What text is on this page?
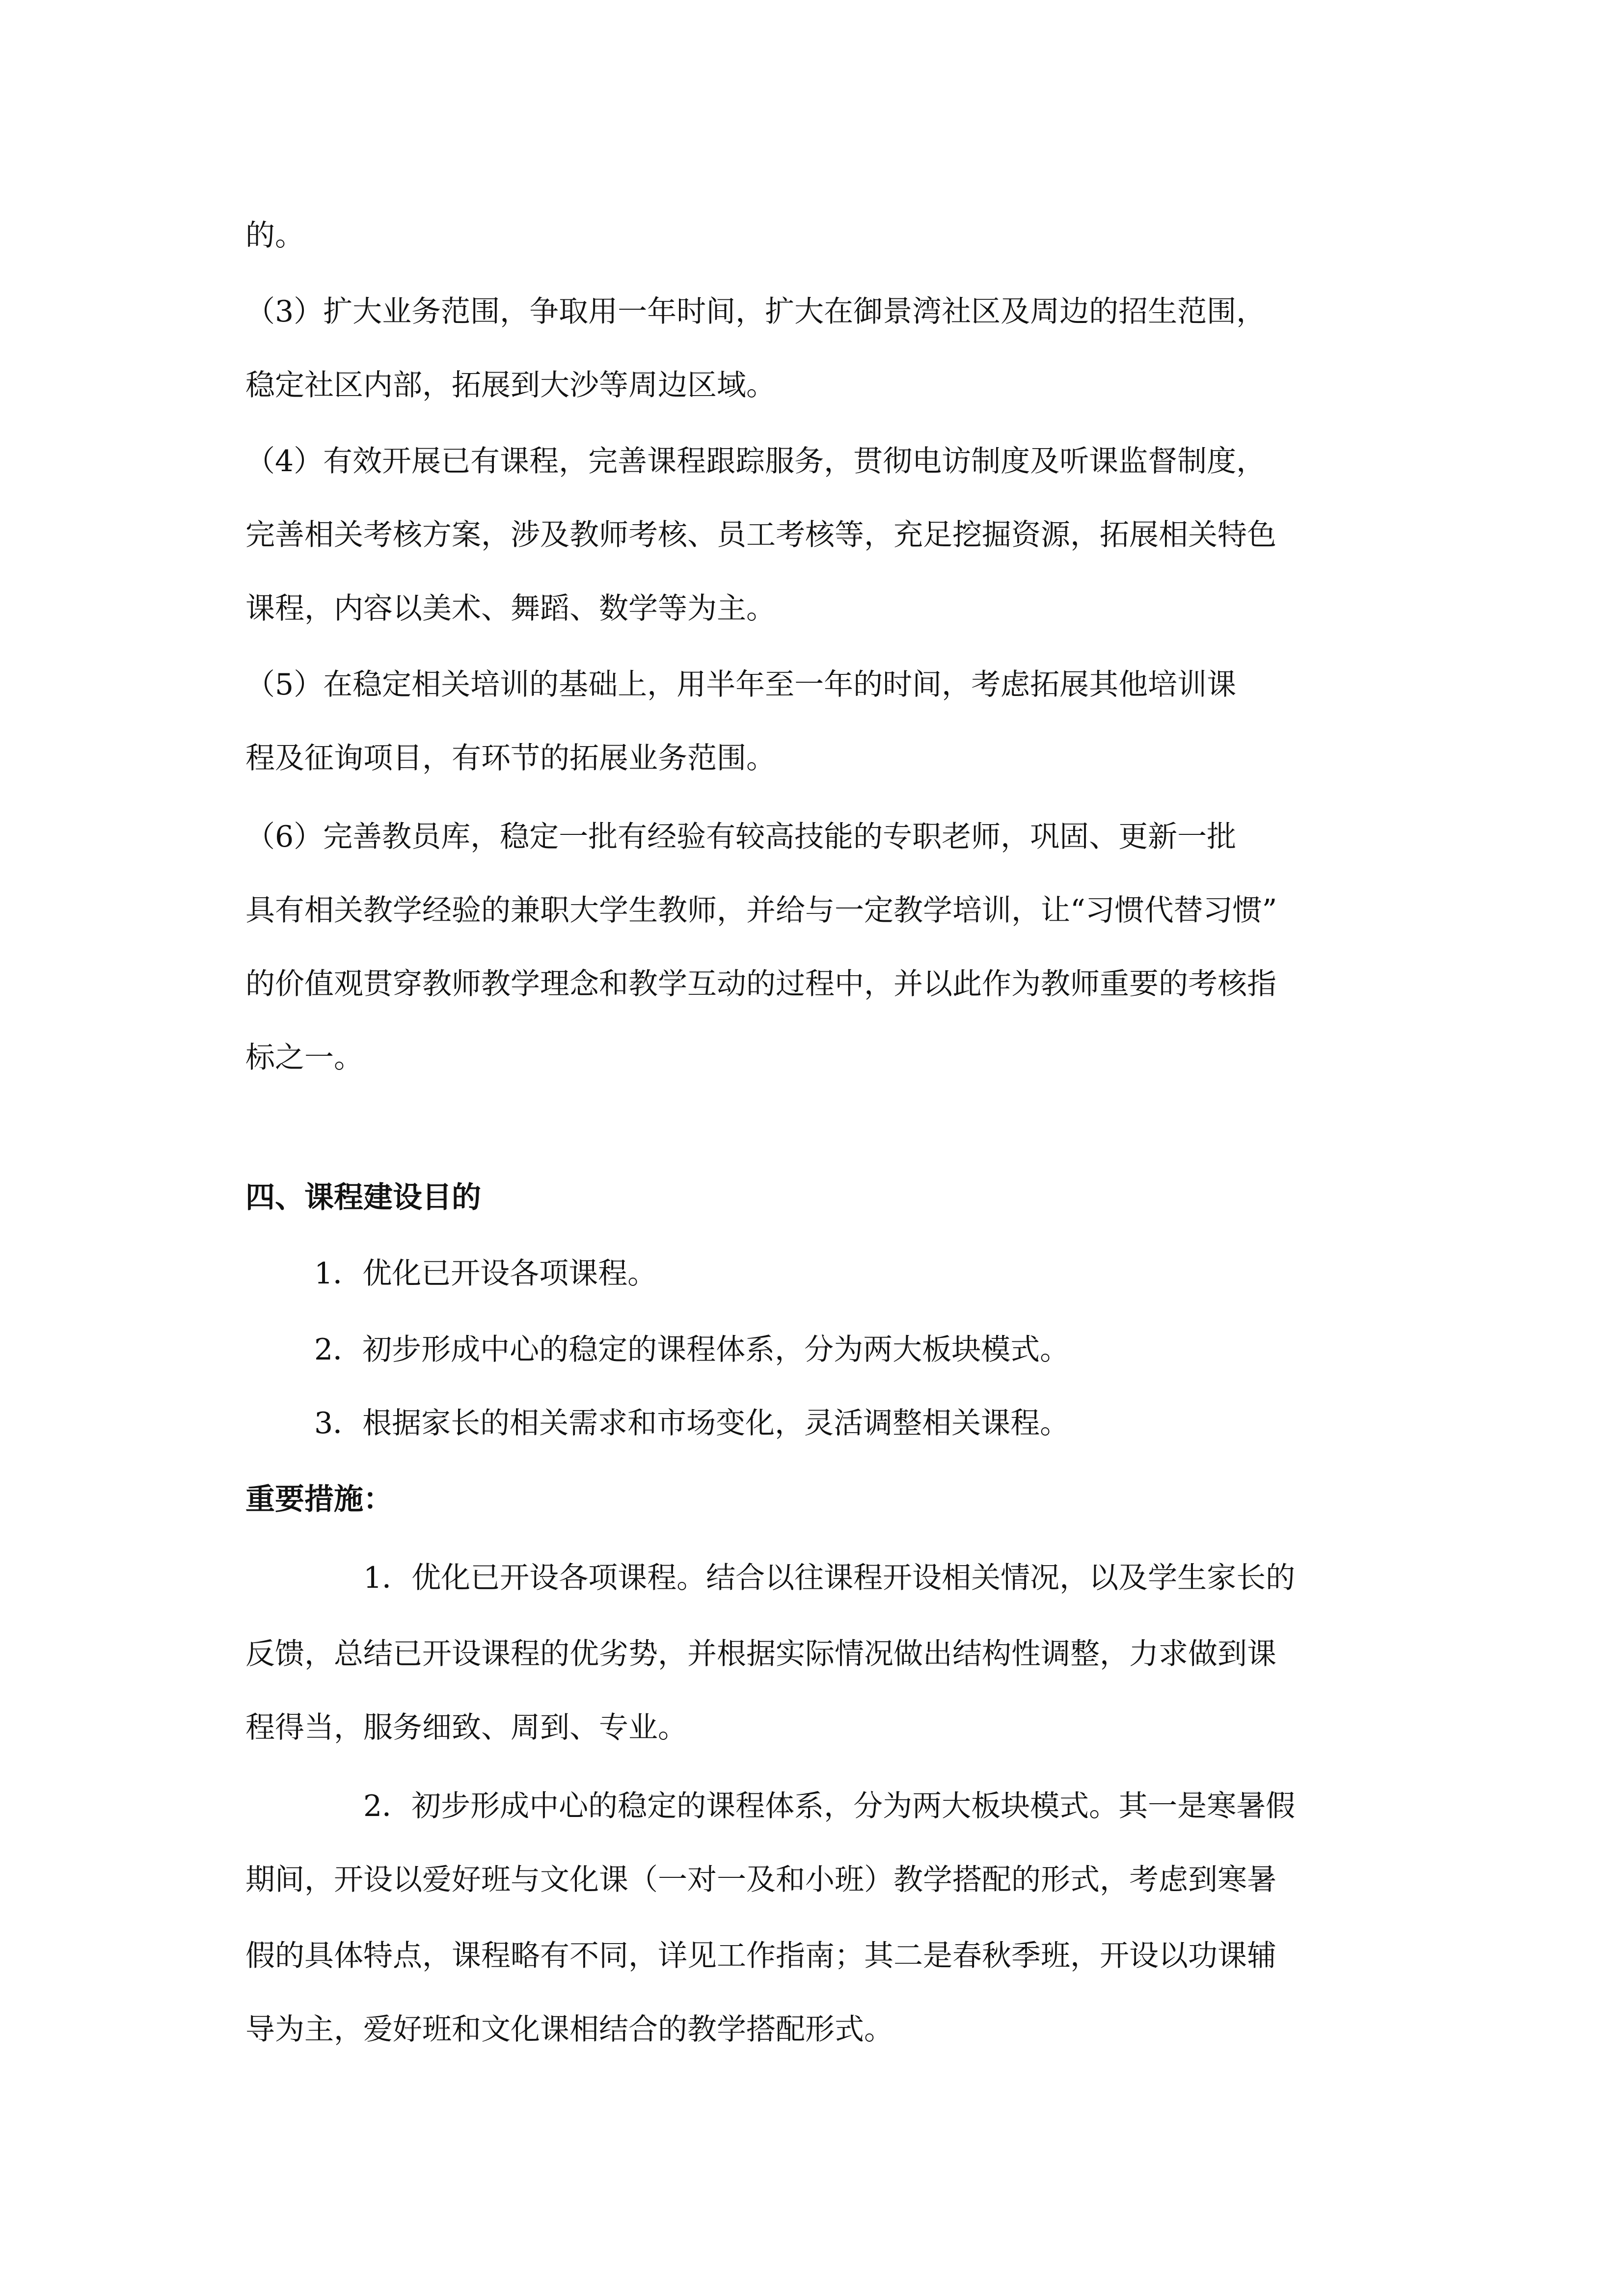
的。
（3）扩大业务范围，争取用一年时间，扩大在御景湾社区及周边的招生范围，
稳定社区内部，拓展到大沙等周边区域。
（4）有效开展已有课程，完善课程跟踪服务，贯彻电访制度及听课监督制度，
完善相关考核方案，涉及教师考核、员工考核等，充足挖掘资源，拓展相关特色
课程，内容以美术、舞蹈、数学等为主。
（5）在稳定相关培训的基础上，用半年至一年的时间，考虑拓展其他培训课
程及征询项目，有环节的拓展业务范围。
（6）完善教员库，稳定一批有经验有较高技能的专职老师，巩固、更新一批
具有相关教学经验的兼职大学生教师，并给与一定教学培训，让“习惯代替习惯”
的价值观贯穿教师教学理念和教学互动的过程中，并以此作为教师重要的考核指
标之一。
四、课程建设目的
1．优化已开设各项课程。
2．初步形成中心的稳定的课程体系，分为两大板块模式。
3．根据家长的相关需求和市场变化，灵活调整相关课程。
重要措施：
1．优化已开设各项课程。结合以往课程开设相关情况，以及学生家长的
反馈，总结已开设课程的优劣势，并根据实际情况做出结构性调整，力求做到课
程得当，服务细致、周到、专业。
2．初步形成中心的稳定的课程体系，分为两大板块模式。其一是寒暑假
期间，开设以爱好班与文化课（一对一及和小班）教学搭配的形式，考虑到寒暑
假的具体特点，课程略有不同，详见工作指南；其二是春秋季班，开设以功课辅
导为主，爱好班和文化课相结合的教学搭配形式。
